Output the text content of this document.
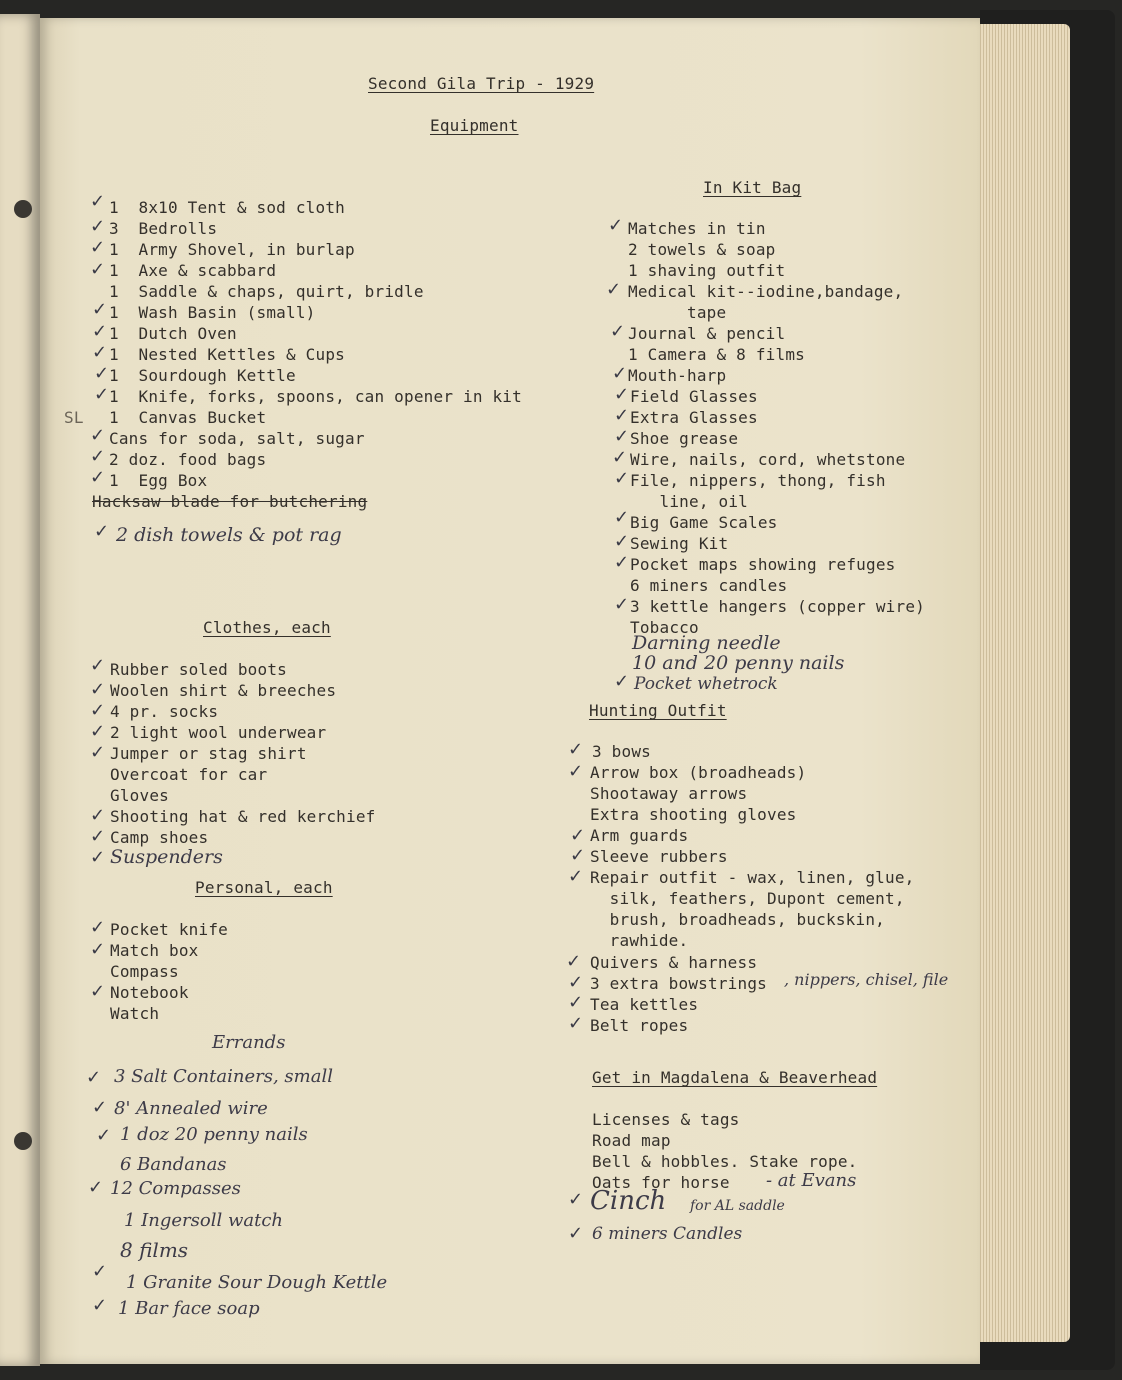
Second Gila Trip - 1929
Equipment
1  8x10 Tent & sod cloth
3  Bedrolls
1  Army Shovel, in burlap
1  Axe & scabbard
1  Saddle & chaps, quirt, bridle
1  Wash Basin (small)
1  Dutch Oven
1  Nested Kettles & Cups
1  Sourdough Kettle
1  Knife, forks, spoons, can opener in kit
1  Canvas Bucket
Cans for soda, salt, sugar
2 doz. food bags
1  Egg Box
Hacksaw blade for butchering
2 dish towels & pot rag
SL
✓
✓
✓
✓
✓
✓
✓
✓
✓
✓
✓
✓
✓
Clothes, each
Rubber soled boots
Woolen shirt & breeches
4 pr. socks
2 light wool underwear
Jumper or stag shirt
Overcoat for car
Gloves
Shooting hat & red kerchief
Camp shoes
Suspenders
✓
✓
✓
✓
✓
✓
✓
✓
Personal, each
Pocket knife
Match box
Compass
Notebook
Watch
✓
✓
✓
Errands
3 Salt Containers, small
8' Annealed wire
1 doz 20 penny nails
6 Bandanas
12 Compasses
1 Ingersoll watch
8 films
1 Granite Sour Dough Kettle
1 Bar face soap
✓
✓
✓
✓
✓
✓
In Kit Bag
Matches in tin
2 towels & soap
1 shaving outfit
Medical kit--iodine,bandage,
tape
Journal & pencil
1 Camera & 8 films
Mouth-harp
Field Glasses
Extra Glasses
Shoe grease
Wire, nails, cord, whetstone
File, nippers, thong, fish
line, oil
Big Game Scales
Sewing Kit
Pocket maps showing refuges
6 miners candles
3 kettle hangers (copper wire)
Tobacco
Darning needle
10 and 20 penny nails
Pocket whetrock
✓
✓
✓
✓
✓
✓
✓
✓
✓
✓
✓
✓
✓
✓
Hunting Outfit
3 bows
Arrow box (broadheads)
Shootaway arrows
Extra shooting gloves
Arm guards
Sleeve rubbers
Repair outfit - wax, linen, glue,
silk, feathers, Dupont cement,
brush, broadheads, buckskin,
rawhide.
Quivers & harness
3 extra bowstrings , nippers, chisel, file
Tea kettles
Belt ropes
✓
✓
✓
✓
✓
✓
✓
✓
✓
Get in Magdalena & Beaverhead
Licenses & tags
Road map
Bell & hobbles. Stake rope.
Oats for horse - at Evans
Cinch for AL saddle
6 miners Candles
✓
✓
